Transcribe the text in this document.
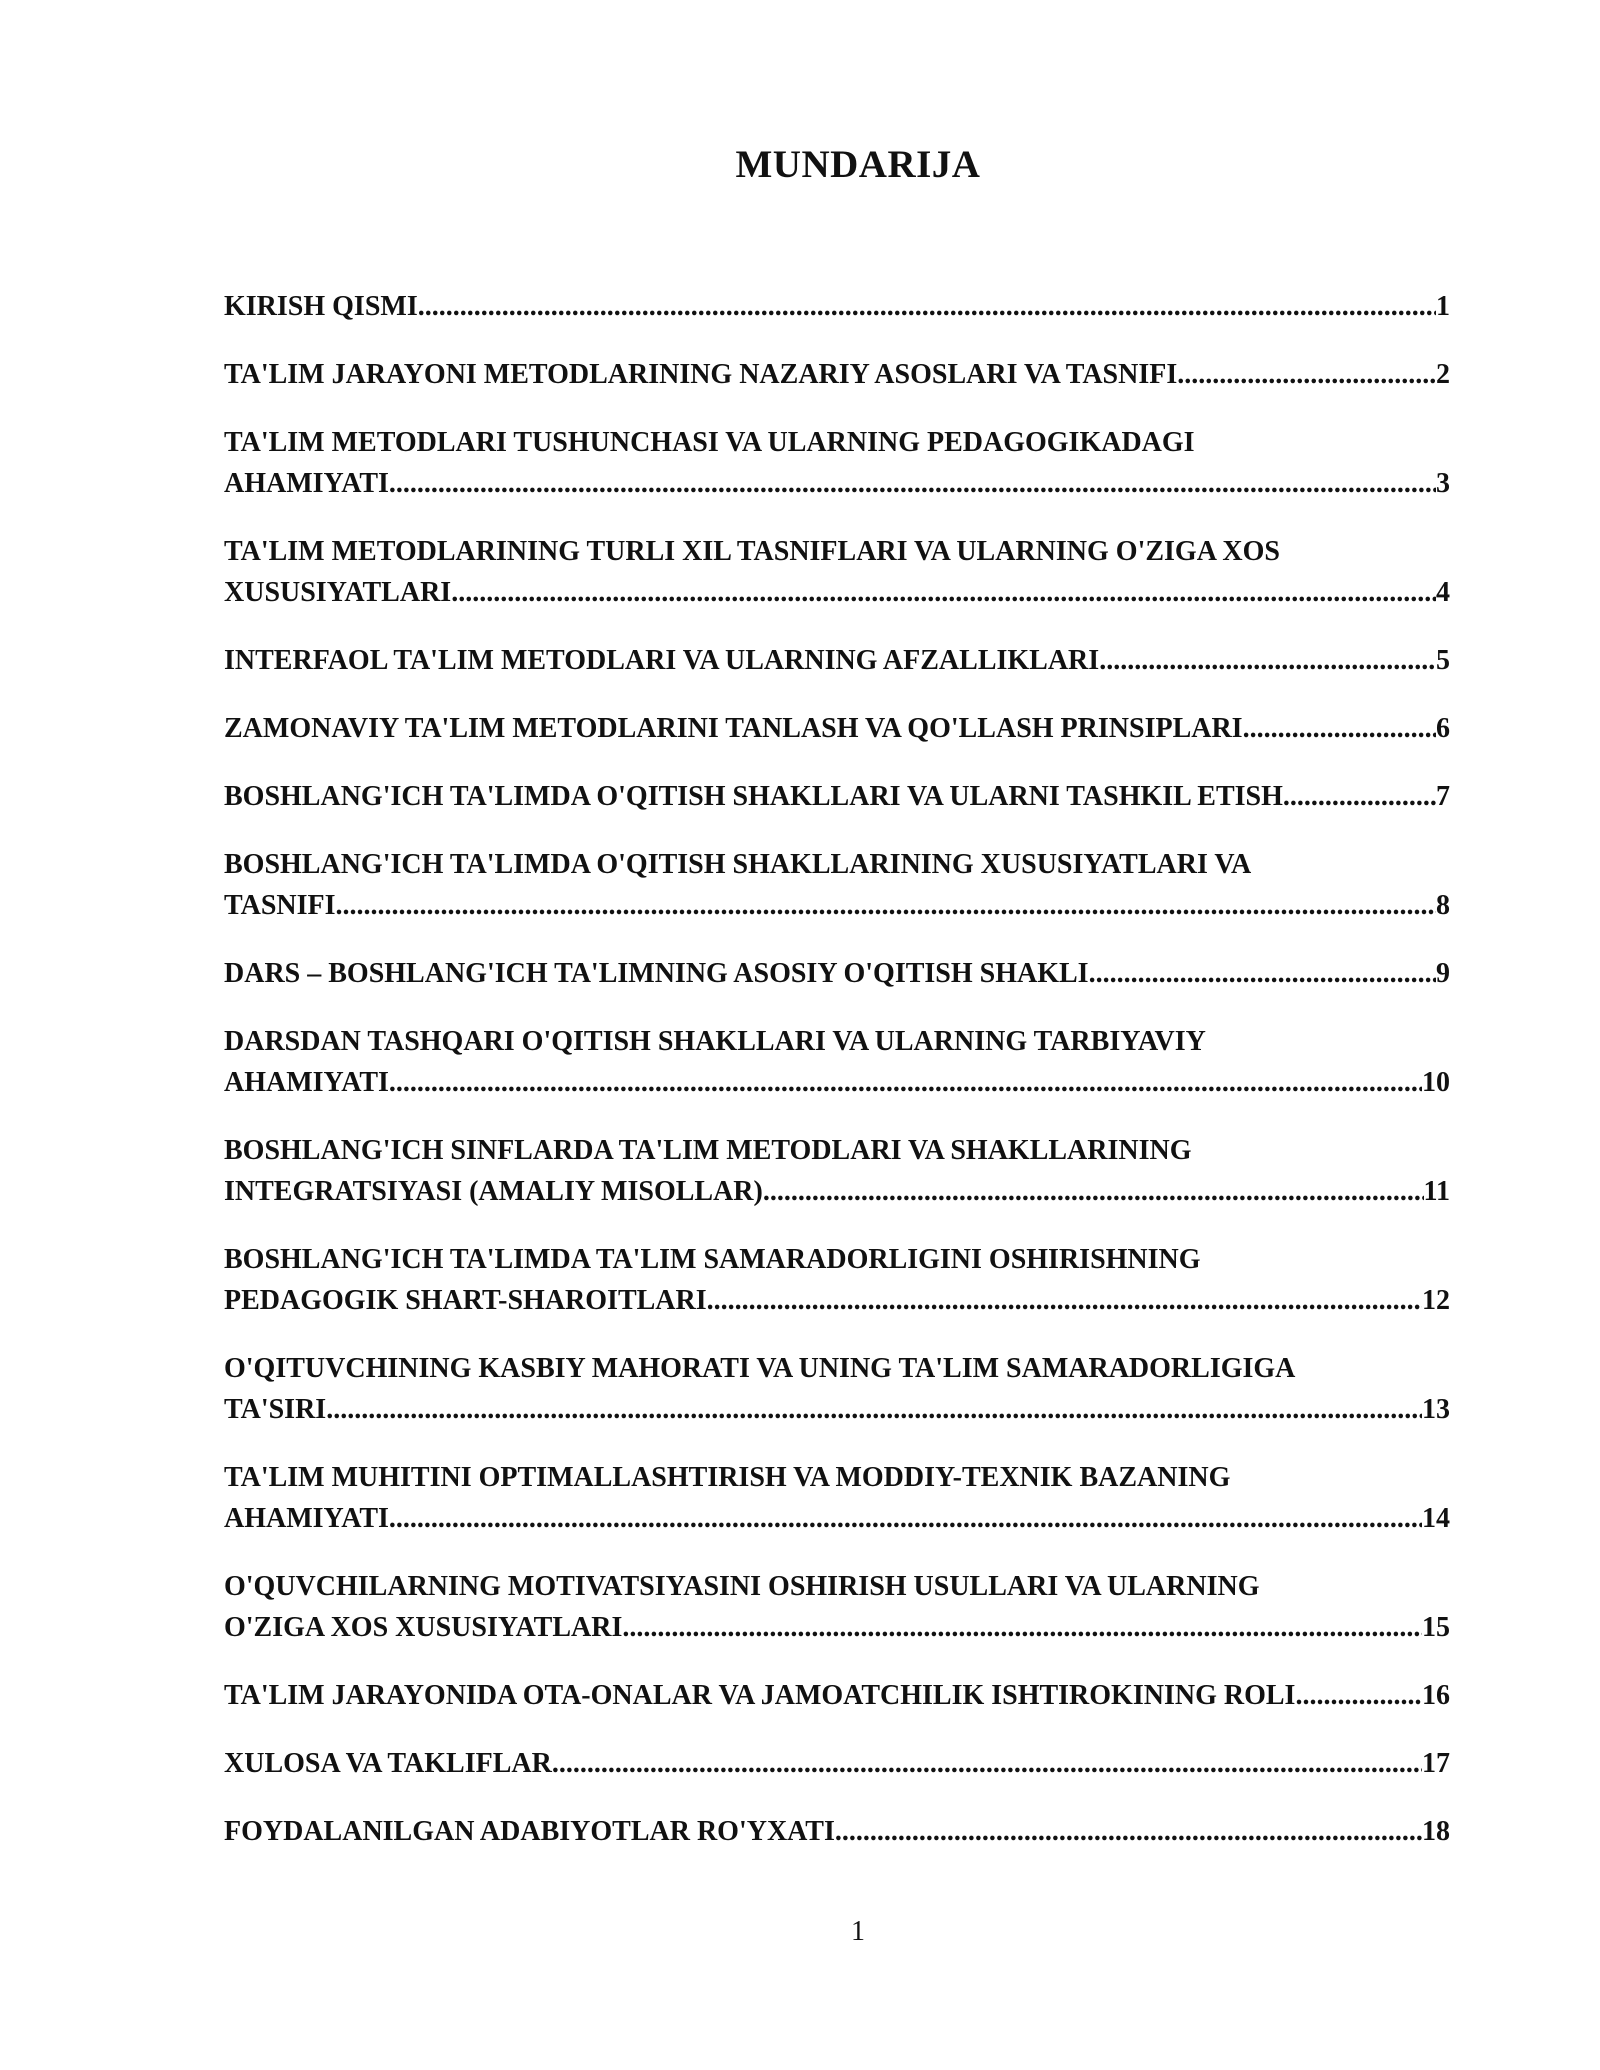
MUNDARIJA
KIRISH QISMI .....	1
TA'LIM JARAYONI METODLARINING NAZARIY ASOSLARI VA TASNIFI .....	2
TA'LIM METODLARI TUSHUNCHASI VA ULARNING PEDAGOGIKADAGI
AHAMIYATI .....	3
TA'LIM METODLARINING TURLI XIL TASNIFLARI VA ULARNING O'ZIGA XOS
XUSUSIYATLARI .....	4
INTERFAOL TA'LIM METODLARI VA ULARNING AFZALLIKLARI .....	5
ZAMONAVIY TA'LIM METODLARINI TANLASH VA QO'LLASH PRINSIPLARI .....	6
BOSHLANG'ICH TA'LIMDA O'QITISH SHAKLLARI VA ULARNI TASHKIL ETISH .....	7
BOSHLANG'ICH TA'LIMDA O'QITISH SHAKLLARINING XUSUSIYATLARI VA
TASNIFI .....	8
DARS – BOSHLANG'ICH TA'LIMNING ASOSIY O'QITISH SHAKLI .....	9
DARSDAN TASHQARI O'QITISH SHAKLLARI VA ULARNING TARBIYAVIY
AHAMIYATI .....	10
BOSHLANG'ICH SINFLARDA TA'LIM METODLARI VA SHAKLLARINING
INTEGRATSIYASI (AMALIY MISOLLAR) .....	11
BOSHLANG'ICH TA'LIMDA TA'LIM SAMARADORLIGINI OSHIRISHNING
PEDAGOGIK SHART-SHAROITLARI .....	12
O'QITUVCHINING KASBIY MAHORATI VA UNING TA'LIM SAMARADORLIGIGA
TA'SIRI .....	13
TA'LIM MUHITINI OPTIMALLASHTIRISH VA MODDIY-TEXNIK BAZANING
AHAMIYATI .....	14
O'QUVCHILARNING MOTIVATSIYASINI OSHIRISH USULLARI VA ULARNING
O'ZIGA XOS XUSUSIYATLARI .....	15
TA'LIM JARAYONIDA OTA-ONALAR VA JAMOATCHILIK ISHTIROKINING ROLI .....	16
XULOSA VA TAKLIFLAR .....	17
FOYDALANILGAN ADABIYOTLAR RO'YXATI .....	18
1
